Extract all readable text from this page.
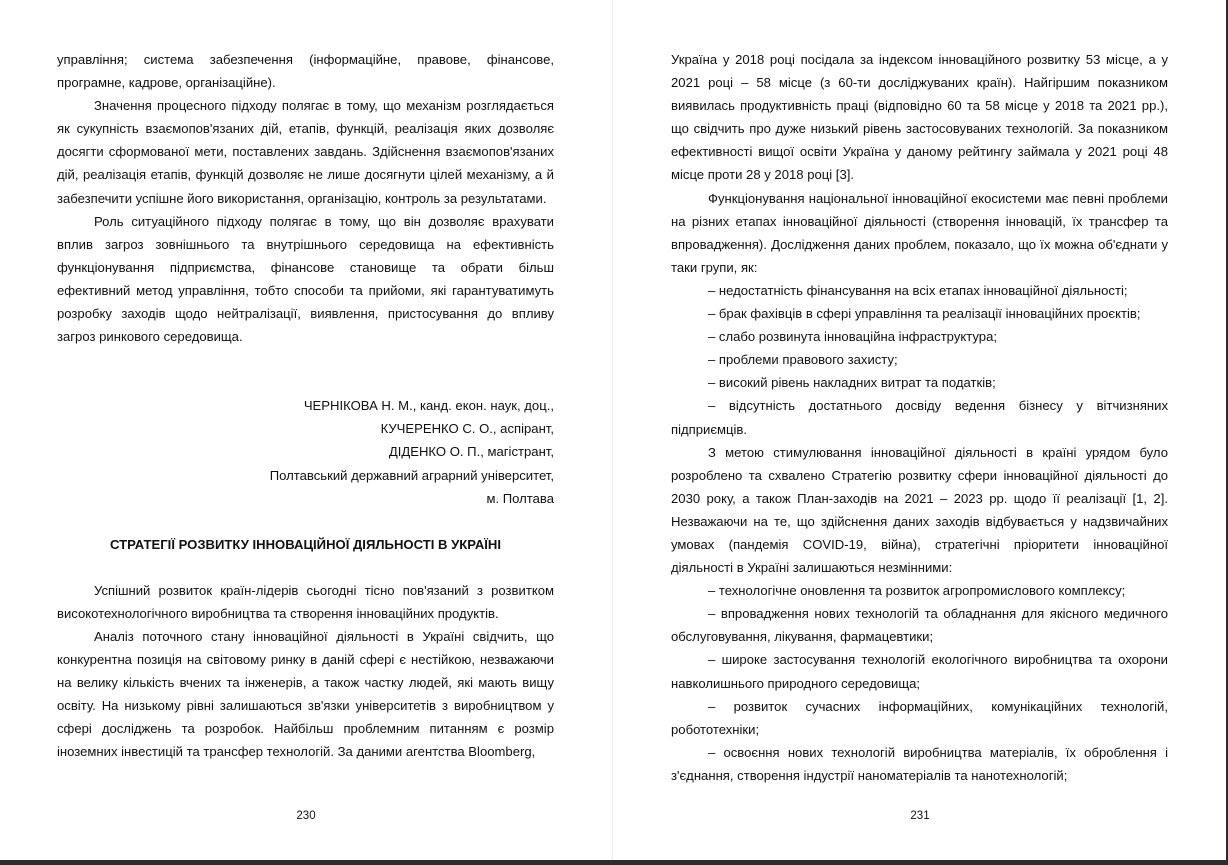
управління; система забезпечення (інформаційне, правове, фінансове, програмне, кадрове, організаційне).

Значення процесного підходу полягає в тому, що механізм розглядається як сукупність взаємопов'язаних дій, етапів, функцій, реалізація яких дозволяє досягти сформованої мети, поставлених завдань. Здійснення взаємопов'язаних дій, реалізація етапів, функцій дозволяє не лише досягнути цілей механізму, а й забезпечити успішне його використання, організацію, контроль за результатами.

Роль ситуаційного підходу полягає в тому, що він дозволяє врахувати вплив загроз зовнішнього та внутрішнього середовища на ефективність функціонування підприємства, фінансове становище та обрати більш ефективний метод управління, тобто способи та прийоми, які гарантуватимуть розробку заходів щодо нейтралізації, виявлення, пристосування до впливу загроз ринкового середовища.

ЧЕРНІКОВА Н. М., канд. екон. наук, доц.,
КУЧЕРЕНКО С. О., аспірант,
ДІДЕНКО О. П., магістрант,
Полтавський державний аграрний університет,
м. Полтава
СТРАТЕГІЇ РОЗВИТКУ ІННОВАЦІЙНОЇ ДІЯЛЬНОСТІ В УКРАЇНІ

Успішний розвиток країн-лідерів сьогодні тісно пов'язаний з розвитком високотехнологічного виробництва та створення інноваційних продуктів.

Аналіз поточного стану інноваційної діяльності в Україні свідчить, що конкурентна позиція на світовому ринку в даній сфері є нестійкою, незважаючи на велику кількість вчених та інженерів, а також частку людей, які мають вищу освіту. На низькому рівні залишаються зв'язки університетів з виробництвом у сфері досліджень та розробок. Найбільш проблемним питанням є розмір іноземних інвестицій та трансфер технологій. За даними агентства Bloomberg,

230

Україна у 2018 році посідала за індексом інноваційного розвитку 53 місце, а у 2021 році – 58 місце (з 60-ти досліджуваних країн). Найгіршим показником виявилась продуктивність праці (відповідно 60 та 58 місце у 2018 та 2021 рр.), що свідчить про дуже низький рівень застосовуваних технологій. За показником ефективності вищої освіти Україна у даному рейтингу займала у 2021 році 48 місце проти 28 у 2018 році [3].

Функціонування національної інноваційної екосистеми має певні проблеми на різних етапах інноваційної діяльності (створення інновацій, їх трансфер та впровадження). Дослідження даних проблем, показало, що їх можна об'єднати у таки групи, як:

– недостатність фінансування на всіх етапах інноваційної діяльності;

– брак фахівців в сфері управління та реалізації інноваційних проєктів;

– слабо розвинута інноваційна інфраструктура;

– проблеми правового захисту;

– високий рівень накладних витрат та податків;

– відсутність достатнього досвіду ведення бізнесу у вітчизняних підприємців.

З метою стимулювання інноваційної діяльності в країні урядом було розроблено та схвалено Стратегію розвитку сфери інноваційної діяльності до 2030 року, а також План-заходів на 2021 – 2023 рр. щодо її реалізації [1, 2]. Незважаючи на те, що здійснення даних заходів відбувається у надзвичайних умовах (пандемія COVID-19, війна), стратегічні пріоритети інноваційної діяльності в Україні залишаються незмінними:

– технологічне оновлення та розвиток агропромислового комплексу;

– впровадження нових технологій та обладнання для якісного медичного обслуговування, лікування, фармацевтики;

– широке застосування технологій екологічного виробництва та охорони навколишнього природного середовища;

– розвиток сучасних інформаційних, комунікаційних технологій, робототехніки;

– освоєння нових технологій виробництва матеріалів, їх оброблення і з'єднання, створення індустрії наноматеріалів та нанотехнологій;

231
